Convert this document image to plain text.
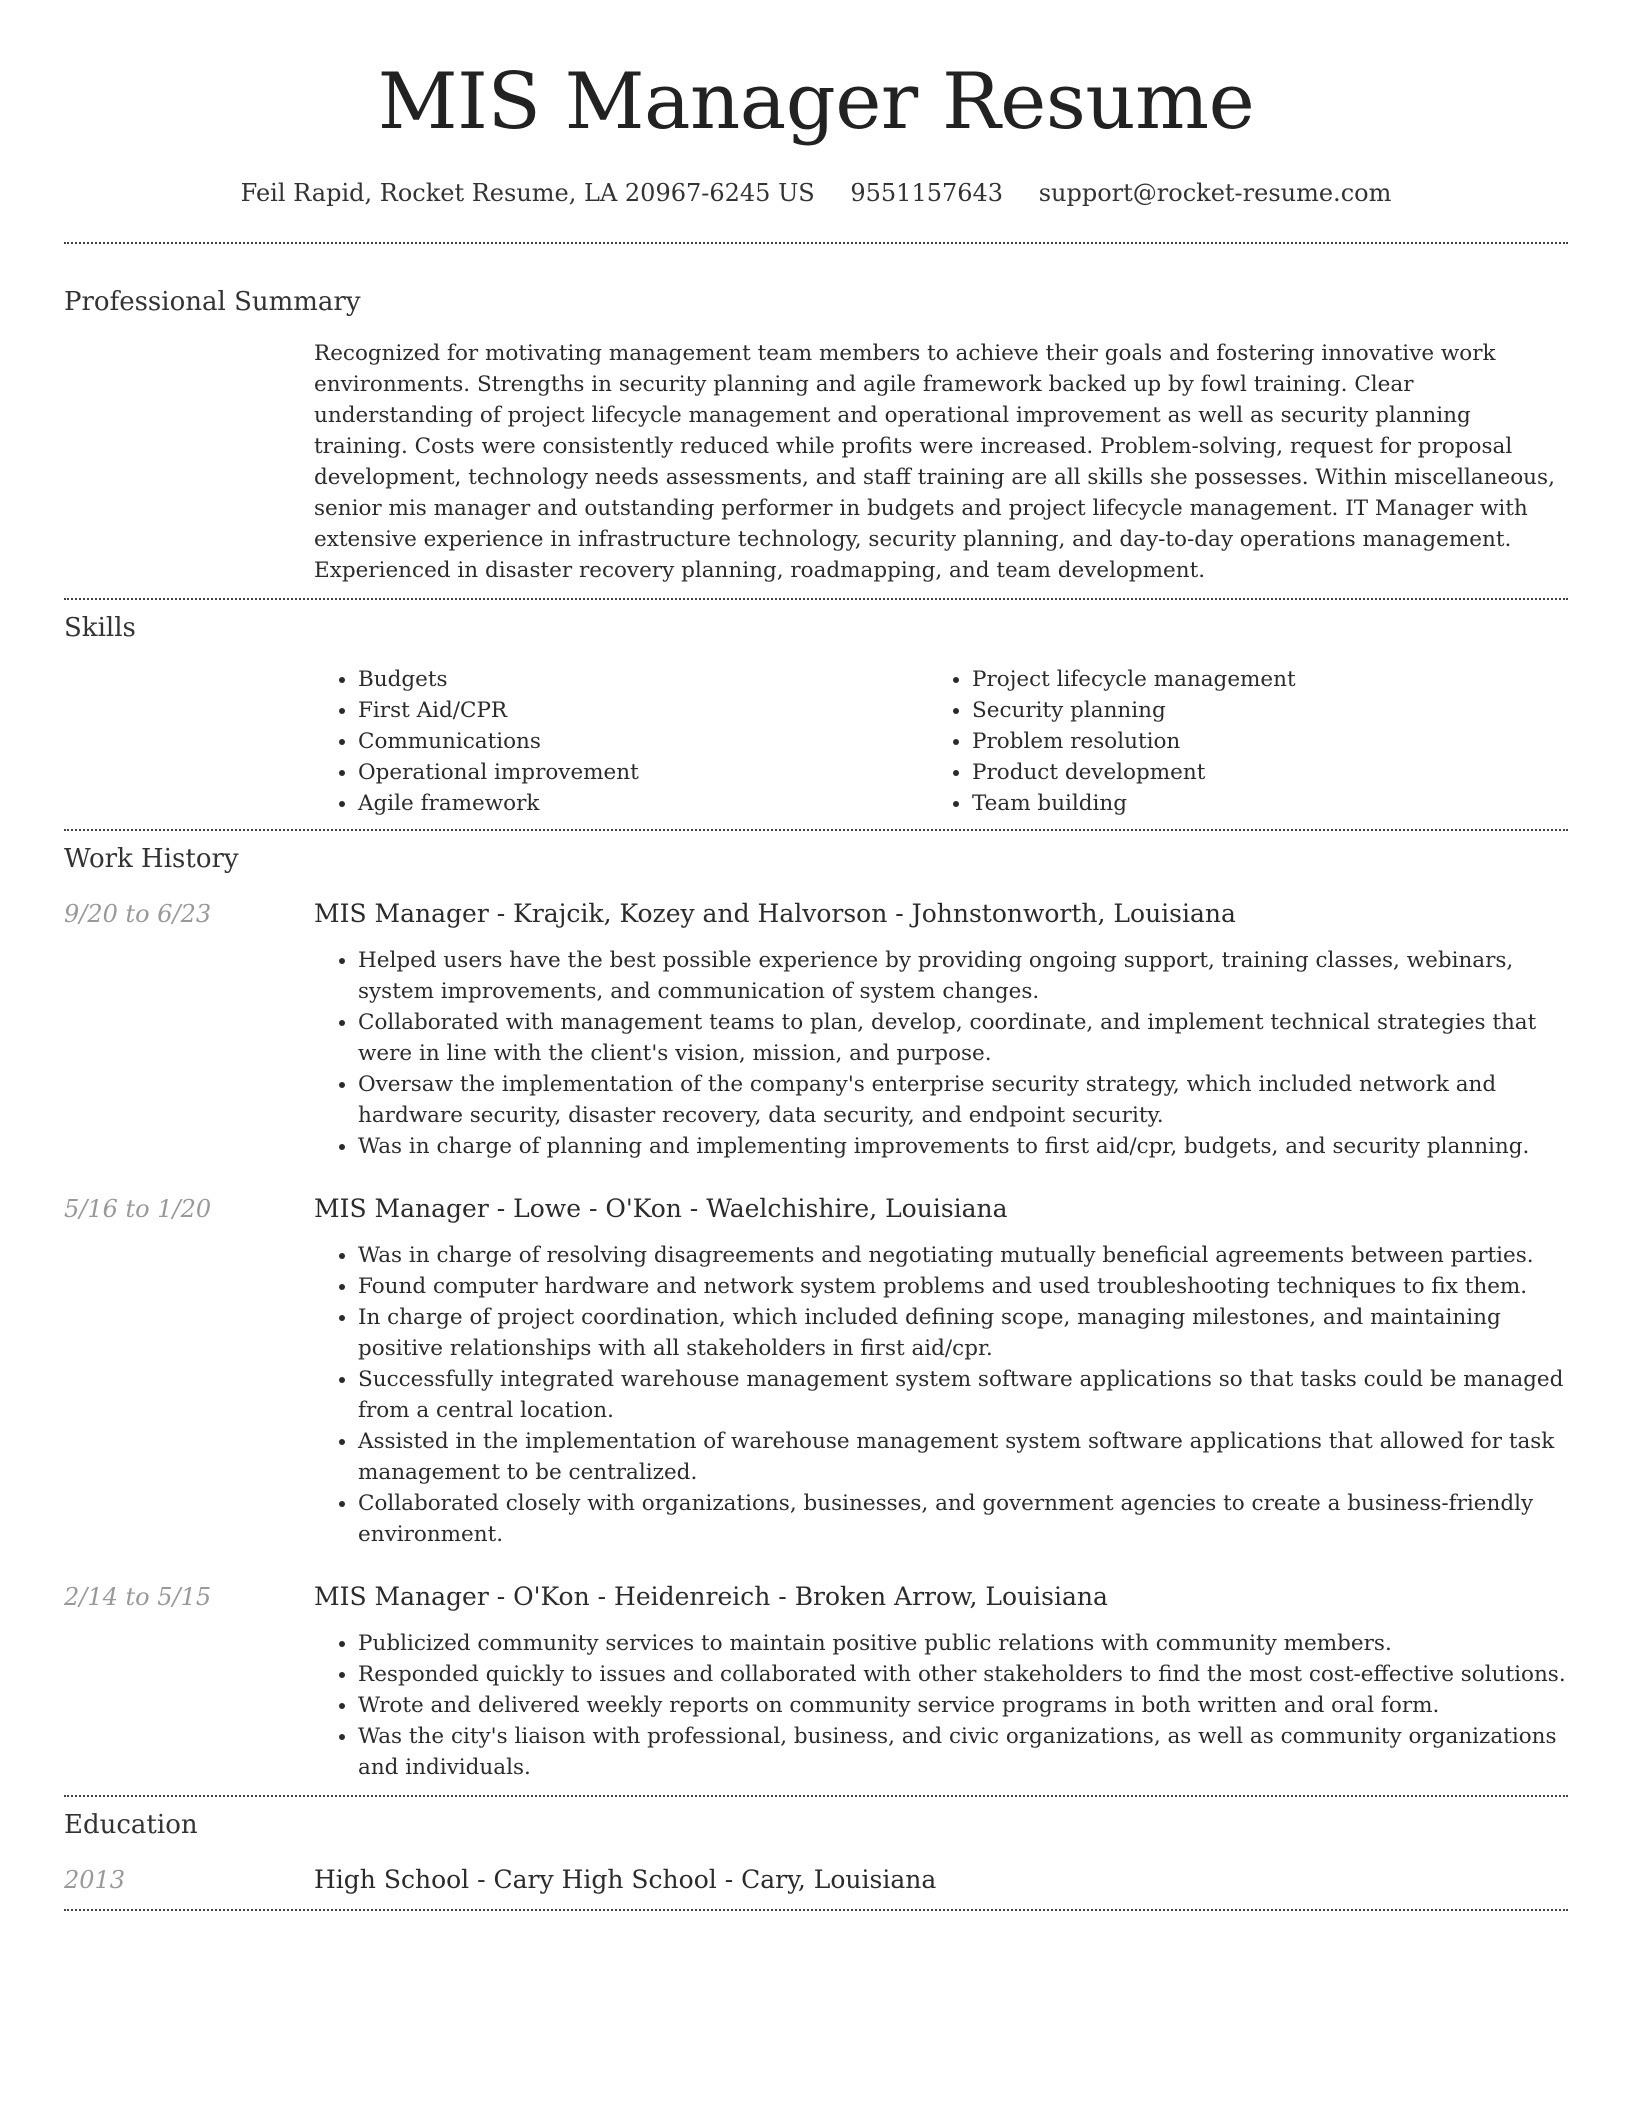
MIS Manager Resume
Feil Rapid, Rocket Resume, LA 20967-6245 US 9551157643 support@rocket-resume.com
Professional Summary

Recognized for motivating management team members to achieve their goals and fostering innovative work environments. Strengths in security planning and agile framework backed up by fowl training. Clear understanding of project lifecycle management and operational improvement as well as security planning training. Costs were consistently reduced while profits were increased. Problem-solving, request for proposal development, technology needs assessments, and staff training are all skills she possesses. Within miscellaneous, senior mis manager and outstanding performer in budgets and project lifecycle management. IT Manager with extensive experience in infrastructure technology, security planning, and day-to-day operations management. Experienced in disaster recovery planning, roadmapping, and team development.

Skills
• Budgets
• First Aid/CPR
• Communications
• Operational improvement
• Agile framework
• Project lifecycle management
• Security planning
• Problem resolution
• Product development
• Team building
Work History
9/20 to 6/23	MIS Manager - Krajcik, Kozey and Halvorson - Johnstonworth, Louisiana
• Helped users have the best possible experience by providing ongoing support, training classes, webinars, system improvements, and communication of system changes.
• Collaborated with management teams to plan, develop, coordinate, and implement technical strategies that were in line with the client's vision, mission, and purpose.
• Oversaw the implementation of the company's enterprise security strategy, which included network and hardware security, disaster recovery, data security, and endpoint security.
• Was in charge of planning and implementing improvements to first aid/cpr, budgets, and security planning.
5/16 to 1/20	MIS Manager - Lowe - O'Kon - Waelchishire, Louisiana
• Was in charge of resolving disagreements and negotiating mutually beneficial agreements between parties.
• Found computer hardware and network system problems and used troubleshooting techniques to fix them.
• In charge of project coordination, which included defining scope, managing milestones, and maintaining positive relationships with all stakeholders in first aid/cpr.
• Successfully integrated warehouse management system software applications so that tasks could be managed from a central location.
• Assisted in the implementation of warehouse management system software applications that allowed for task management to be centralized.
• Collaborated closely with organizations, businesses, and government agencies to create a business-friendly environment.
2/14 to 5/15	MIS Manager - O'Kon - Heidenreich - Broken Arrow, Louisiana
• Publicized community services to maintain positive public relations with community members.
• Responded quickly to issues and collaborated with other stakeholders to find the most cost-effective solutions.
• Wrote and delivered weekly reports on community service programs in both written and oral form.
• Was the city's liaison with professional, business, and civic organizations, as well as community organizations and individuals.
Education
2013	High School - Cary High School - Cary, Louisiana
